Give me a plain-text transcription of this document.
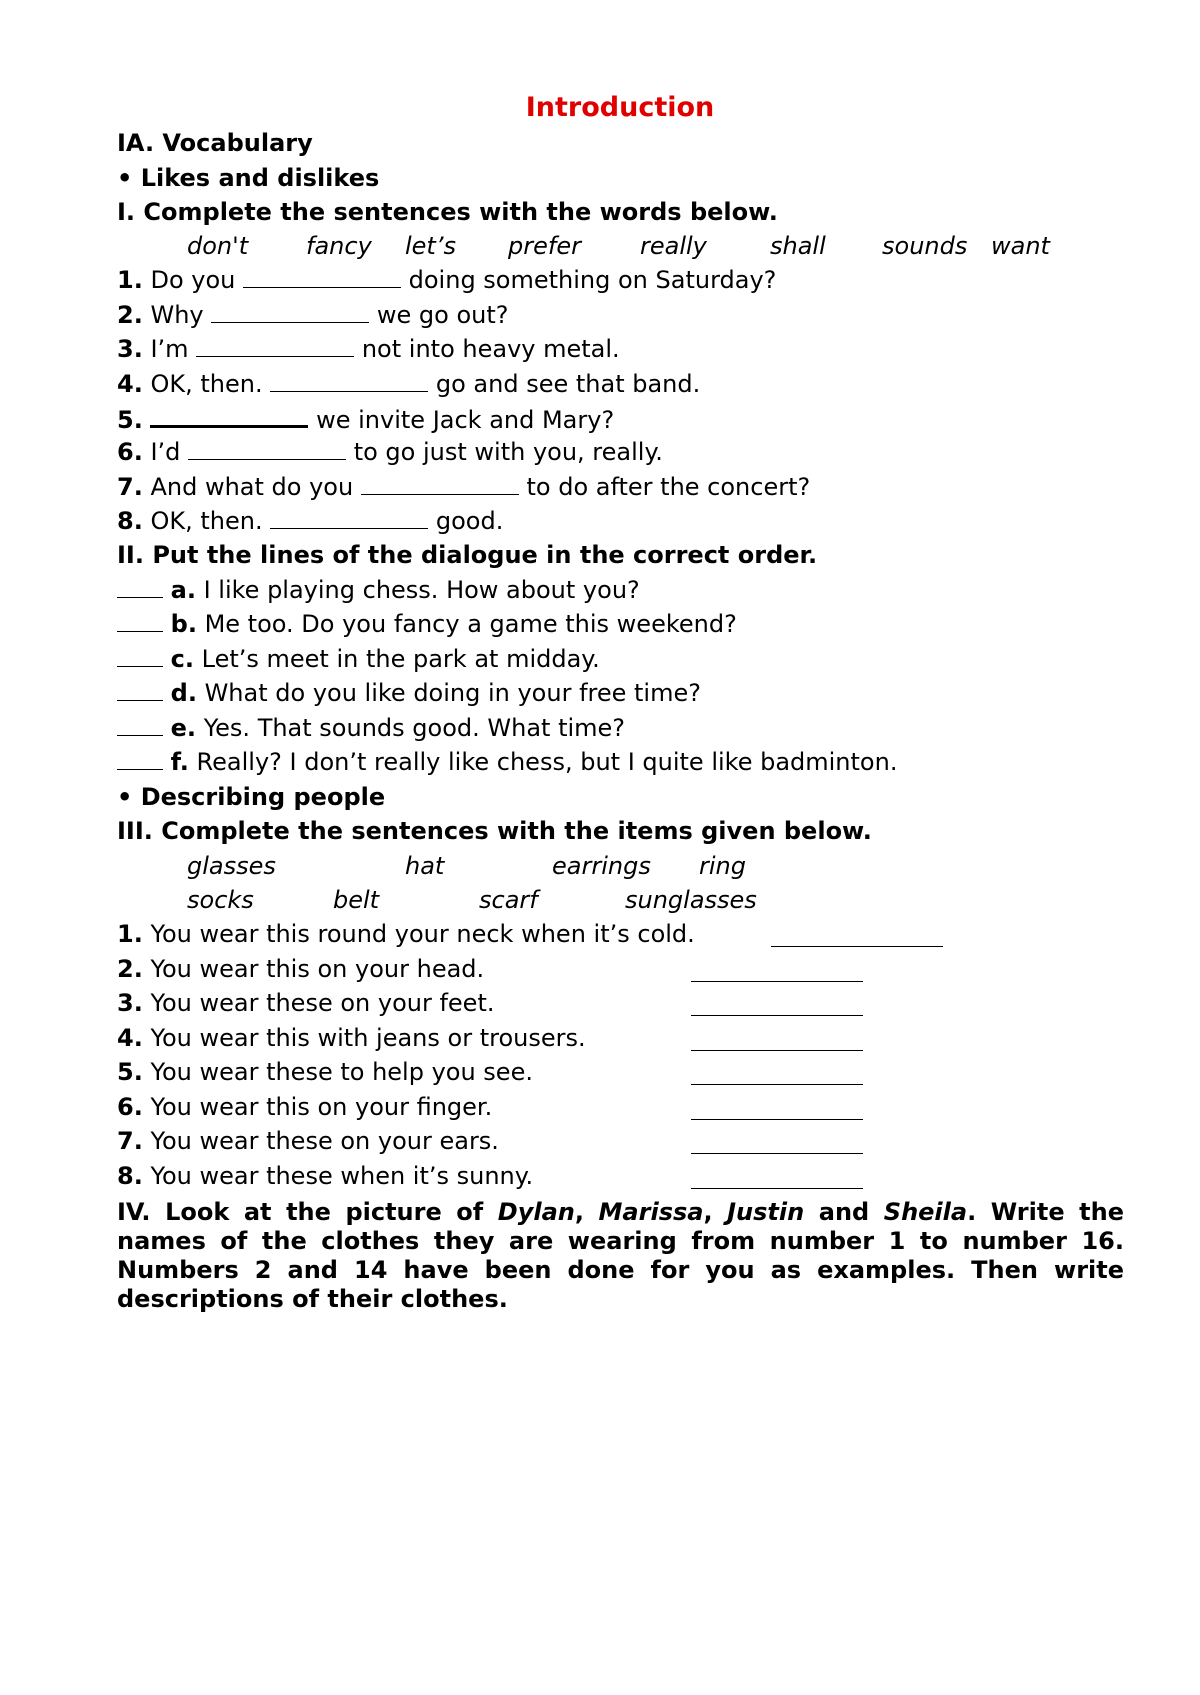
Introduction
IA. Vocabulary
• Likes and dislikes
I. Complete the sentences with the words below.
don't fancy let’s prefer really	shall sounds want
1. Do you	doing something on Saturday?
2. Why	we go out?
3. I’m	not into heavy metal.
4. OK, then.	go and see that band.
5.	we invite Jack and Mary?
6. I’d	to go just with you, really.
7. And what do you	to do after the concert?
8. OK, then.	good.
II. Put the lines of the dialogue in the correct order.
a. I like playing chess. How about you?
b. Me too. Do you fancy a game this weekend?
c. Let’s meet in the park at midday.
d. What do you like doing in your free time?
e. Yes. That sounds good. What time?
f. Really? I don’t really like chess, but I quite like badminton.
• Describing people
III. Complete the sentences with the items given below.
glasses	hat	earrings ring
socks	belt	scarf	sunglasses
1. You wear this round your neck when it’s cold.
2. You wear this on your head.
3. You wear these on your feet.
4. You wear this with jeans or trousers.
5. You wear these to help you see.
6. You wear this on your finger.
7. You wear these on your ears.
8. You wear these when it’s sunny.
IV. Look at the picture of Dylan, Marissa, Justin and Sheila. Write the names of the clothes they are wearing from number 1 to number 16. Numbers 2 and 14 have been done for you as examples. Then write descriptions of their clothes.
